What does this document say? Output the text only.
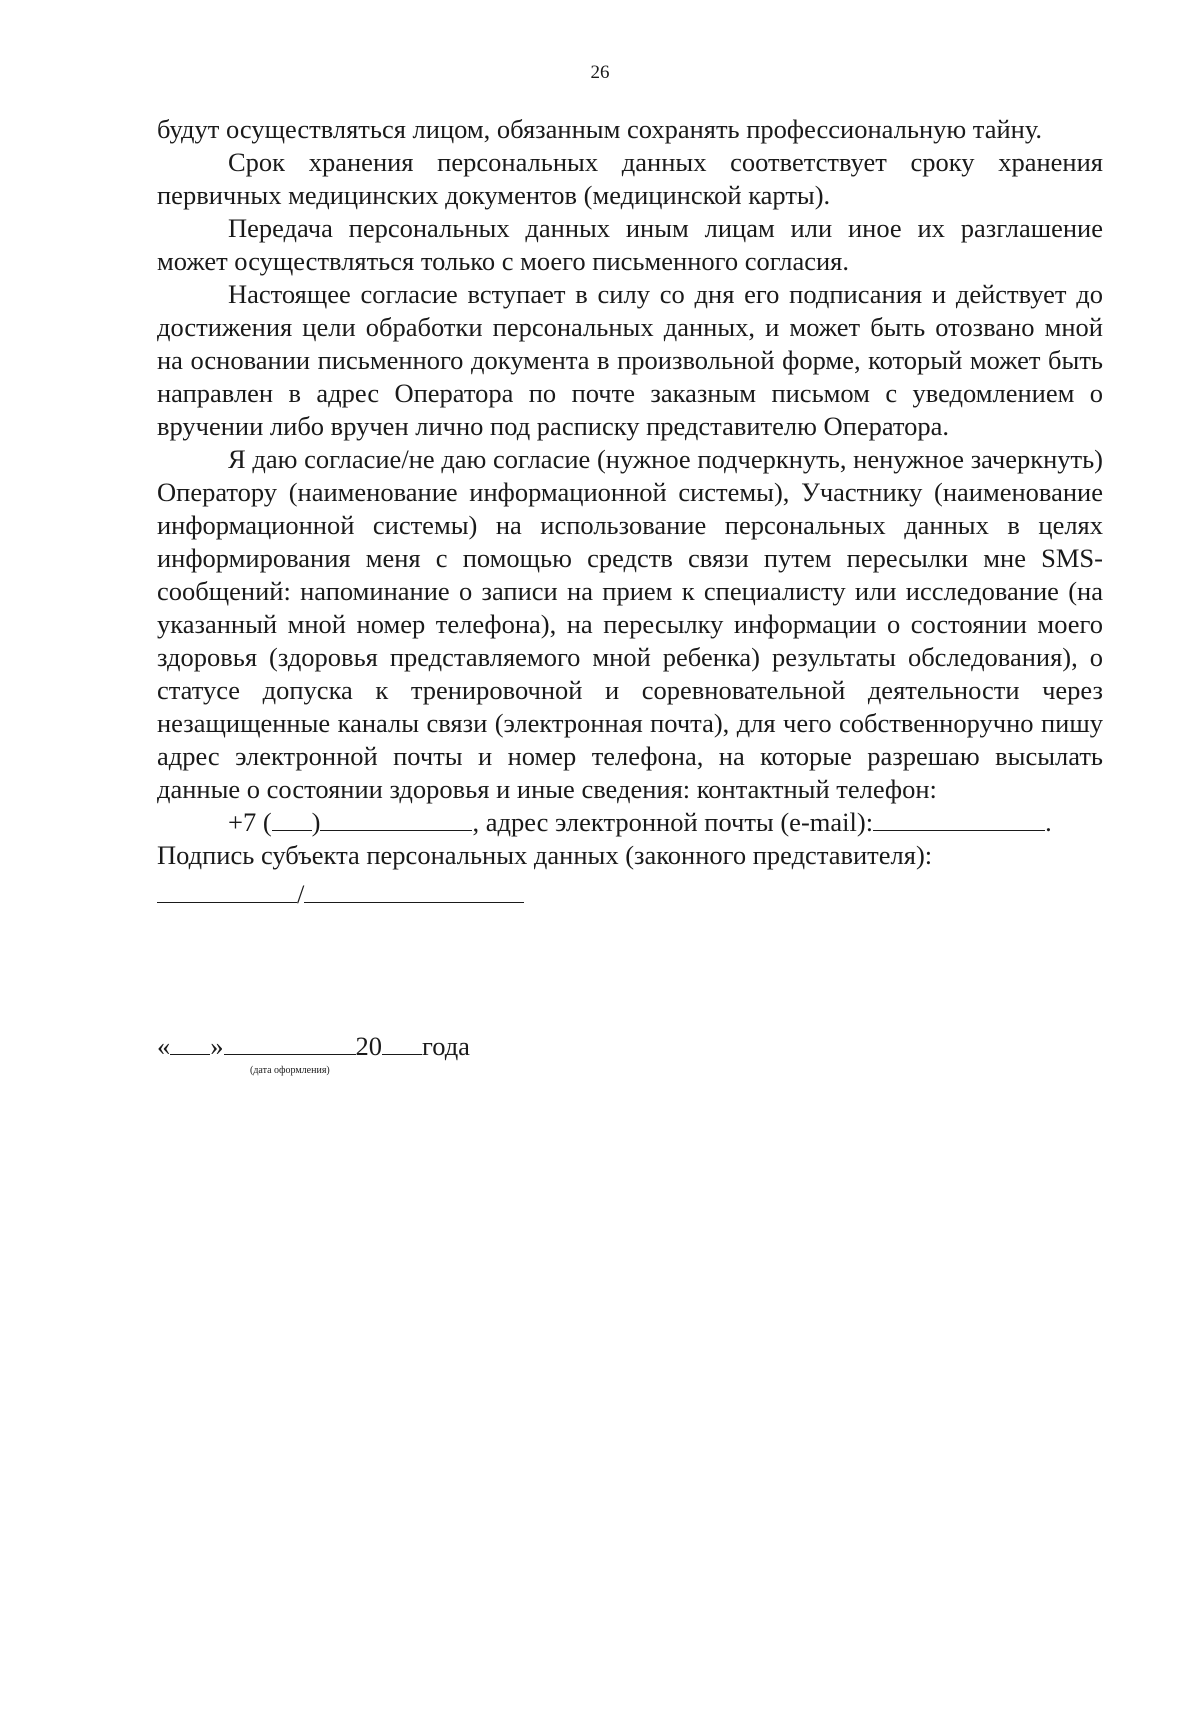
26

будут осуществляться лицом, обязанным сохранять профессиональную тайну.

Срок хранения персональных данных соответствует сроку хранения первичных медицинских документов (медицинской карты).

Передача персональных данных иным лицам или иное их разглашение может осуществляться только с моего письменного согласия.

Настоящее согласие вступает в силу со дня его подписания и действует до достижения цели обработки персональных данных, и может быть отозвано мной на основании письменного документа в произвольной форме, который может быть направлен в адрес Оператора по почте заказным письмом с уведомлением о вручении либо вручен лично под расписку представителю Оператора.

Я даю согласие/не даю согласие (нужное подчеркнуть, ненужное зачеркнуть) Оператору (наименование информационной системы), Участнику (наименование информационной системы) на использование персональных данных в целях информирования меня с помощью средств связи путем пересылки мне SMS-сообщений: напоминание о записи на прием к специалисту или исследование (на указанный мной номер телефона), на пересылку информации о состоянии моего здоровья (здоровья представляемого мной ребенка) результаты обследования), о статусе допуска к тренировочной и соревновательной деятельности через незащищенные каналы связи (электронная почта), для чего собственноручно пишу адрес электронной почты и номер телефона, на которые разрешаю высылать данные о состоянии здоровья и иные сведения: контактный телефон:

+7 ( )	, адрес электронной почты (e-mail):	.

Подпись субъекта персональных данных (законного представителя):

/
« »	20 года
(дата оформления)
